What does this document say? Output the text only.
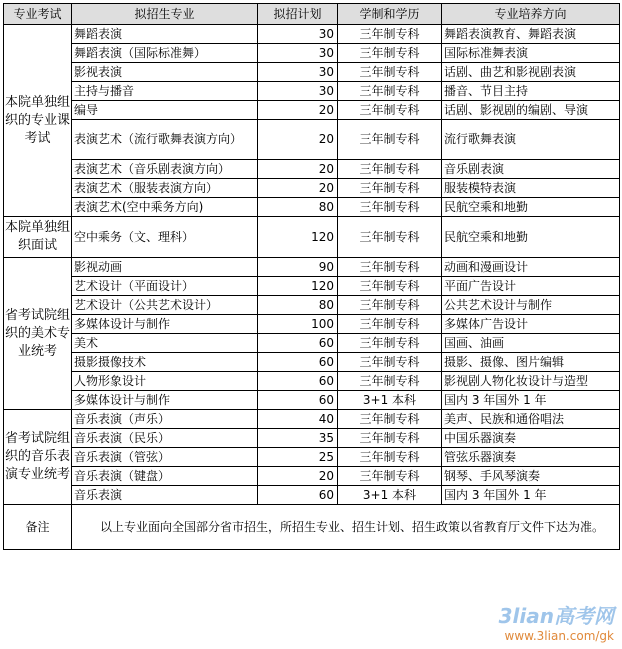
专业考试	拟招生专业	拟招计划	学制和学历	专业培养方向
本院单独组织的专业课考试	舞蹈表演	30	三年制专科	舞蹈表演教育、舞蹈表演
	舞蹈表演（国际标准舞）	30	三年制专科	国际标准舞表演
	影视表演	30	三年制专科	话剧、曲艺和影视剧表演
	主持与播音	30	三年制专科	播音、节目主持
	编导	20	三年制专科	话剧、影视剧的编剧、导演
	表演艺术（流行歌舞表演方向）	20	三年制专科	流行歌舞表演
	表演艺术（音乐剧表演方向）	20	三年制专科	音乐剧表演
	表演艺术（服装表演方向）	20	三年制专科	服装模特表演
	表演艺术(空中乘务方向)	80	三年制专科	民航空乘和地勤
本院单独组织面试	空中乘务（文、理科）	120	三年制专科	民航空乘和地勤
省考试院组织的美术专业统考	影视动画	90	三年制专科	动画和漫画设计
	艺术设计（平面设计）	120	三年制专科	平面广告设计
	艺术设计（公共艺术设计）	80	三年制专科	公共艺术设计与制作
	多媒体设计与制作	100	三年制专科	多媒体广告设计
	美术	60	三年制专科	国画、油画
	摄影摄像技术	60	三年制专科	摄影、摄像、图片编辑
	人物形象设计	60	三年制专科	影视剧人物化妆设计与造型
	多媒体设计与制作	60	3+1 本科	国内 3 年国外 1 年
省考试院组织的音乐表演专业统考	音乐表演（声乐）	40	三年制专科	美声、民族和通俗唱法
	音乐表演（民乐）	35	三年制专科	中国乐器演奏
	音乐表演（管弦）	25	三年制专科	管弦乐器演奏
	音乐表演（键盘）	20	三年制专科	钢琴、手风琴演奏
	音乐表演	60	3+1 本科	国内 3 年国外 1 年
备注	以上专业面向全国部分省市招生，所招生专业、招生计划、招生政策以省教育厅文件下达为准。			
3lian高考网
www.3lian.com/gk
